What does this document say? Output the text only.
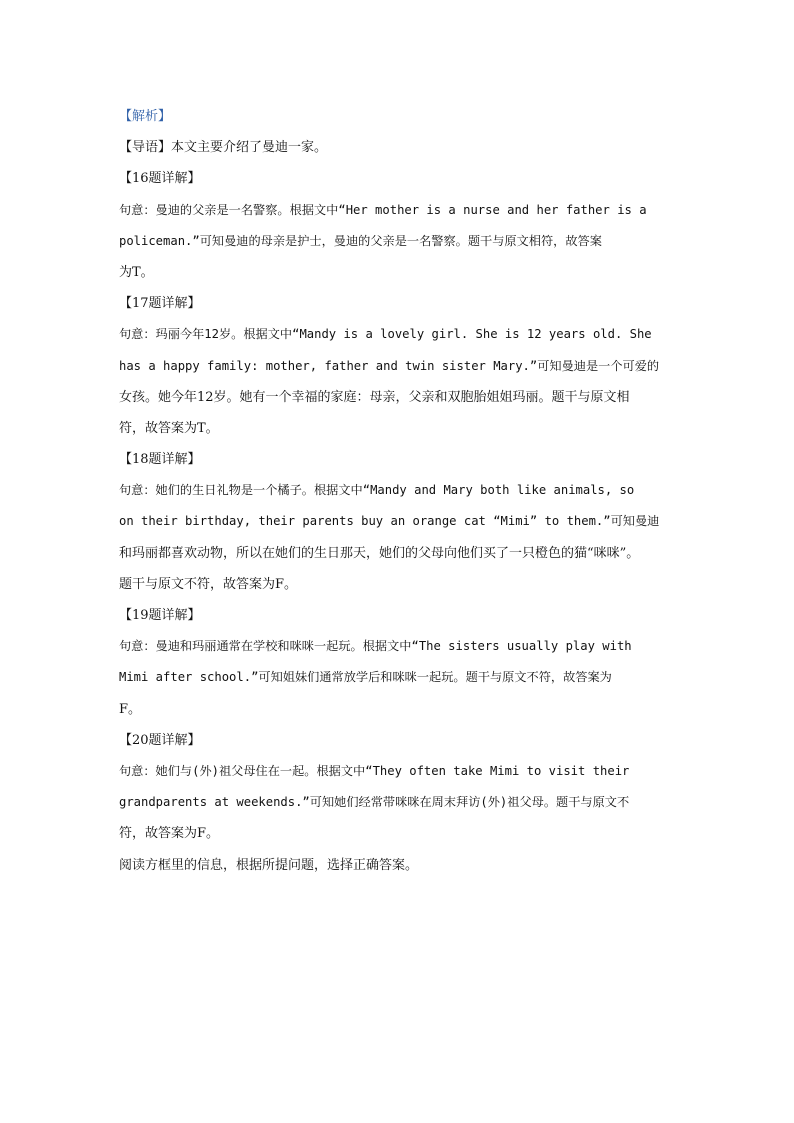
【解析】
【导语】本文主要介绍了曼迪一家。
【16题详解】
句意：曼迪的父亲是一名警察。根据文中“Her mother is a nurse and her father is a
policeman.”可知曼迪的母亲是护士，曼迪的父亲是一名警察。题干与原文相符，故答案
为T。
【17题详解】
句意：玛丽今年12岁。根据文中“Mandy is a lovely girl. She is 12 years old. She
has a happy family: mother, father and twin sister Mary.”可知曼迪是一个可爱的
女孩。她今年12岁。她有一个幸福的家庭：母亲，父亲和双胞胎姐姐玛丽。题干与原文相
符，故答案为T。
【18题详解】
句意：她们的生日礼物是一个橘子。根据文中“Mandy and Mary both like animals, so
on their birthday, their parents buy an orange cat “Mimi” to them.”可知曼迪
和玛丽都喜欢动物，所以在她们的生日那天，她们的父母向他们买了一只橙色的猫“咪咪”。
题干与原文不符，故答案为F。
【19题详解】
句意：曼迪和玛丽通常在学校和咪咪一起玩。根据文中“The sisters usually play with
Mimi after school.”可知姐妹们通常放学后和咪咪一起玩。题干与原文不符，故答案为
F。
【20题详解】
句意：她们与(外)祖父母住在一起。根据文中“They often take Mimi to visit their
grandparents at weekends.”可知她们经常带咪咪在周末拜访(外)祖父母。题干与原文不
符，故答案为F。
阅读方框里的信息，根据所提问题，选择正确答案。
